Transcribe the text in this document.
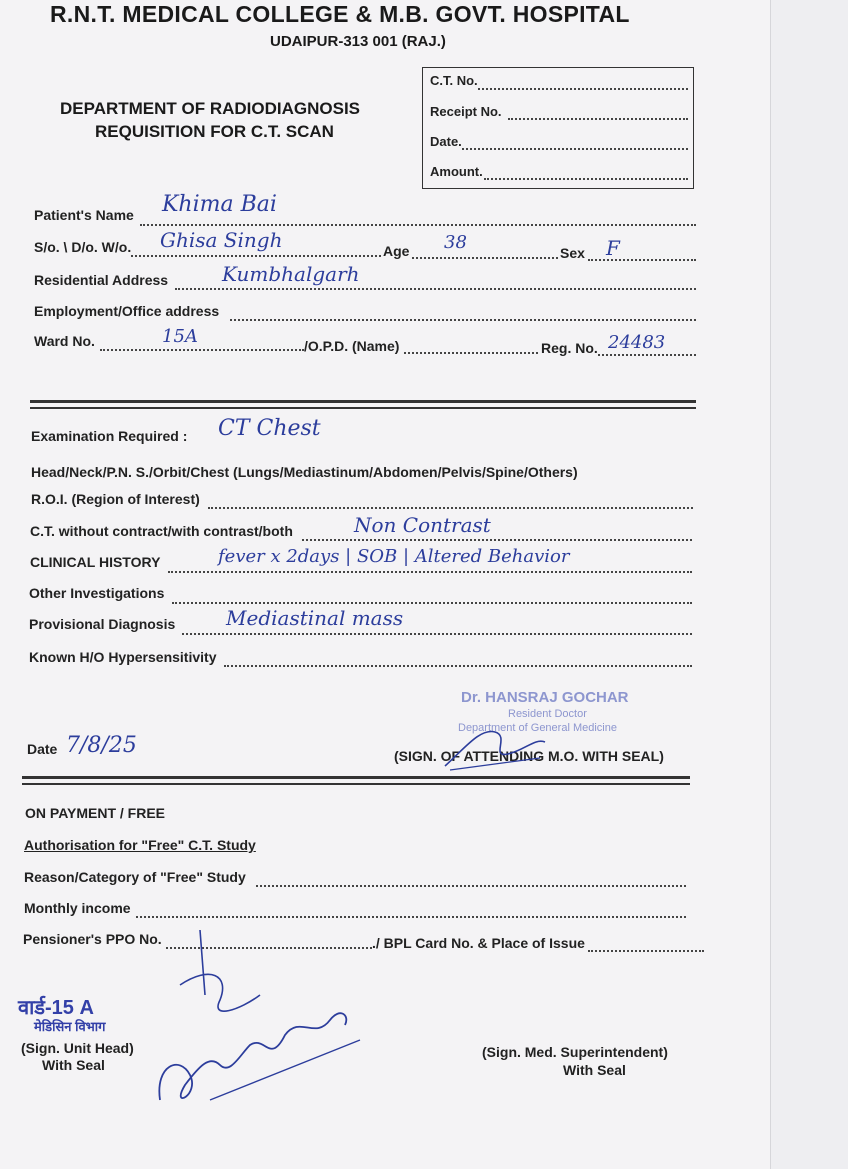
R.N.T. MEDICAL COLLEGE & M.B. GOVT. HOSPITAL
UDAIPUR-313 001 (RAJ.)
DEPARTMENT OF RADIODIAGNOSIS
REQUISITION FOR C.T. SCAN
C.T. No.
Receipt No.
Date.
Amount.
Patient's Name Khima Bai
S/o. \ D/o. W/o. Ghisa Singh	Age 38	Sex F
Residential Address	Kumbhalgarh
Employment/Office address
Ward No.	15A	/O.P.D. (Name)	Reg. No. 24483
Examination Required : CT Chest
Head/Neck/P.N. S./Orbit/Chest (Lungs/Mediastinum/Abdomen/Pelvis/Spine/Others)
R.O.I. (Region of Interest)
C.T. without contract/with contrast/both	Non Contrast
CLINICAL HISTORY	fever x 2days | SOB | Altered Behavior
Other Investigations
Provisional Diagnosis	Mediastinal mass
Known H/O Hypersensitivity
Dr. HANSRAJ GOCHAR
Resident Doctor
Department of General Medicine
Date 7/8/25	(SIGN. OF ATTENDING M.O. WITH SEAL)
ON PAYMENT / FREE
Authorisation for "Free" C.T. Study
Reason/Category of "Free" Study
Monthly income
Pensioner's PPO No.	./ BPL Card No. & Place of Issue
वार्ड-15 A
मेडिसिन विभाग
(Sign. Unit Head)
With Seal
(Sign. Med. Superintendent)
With Seal
